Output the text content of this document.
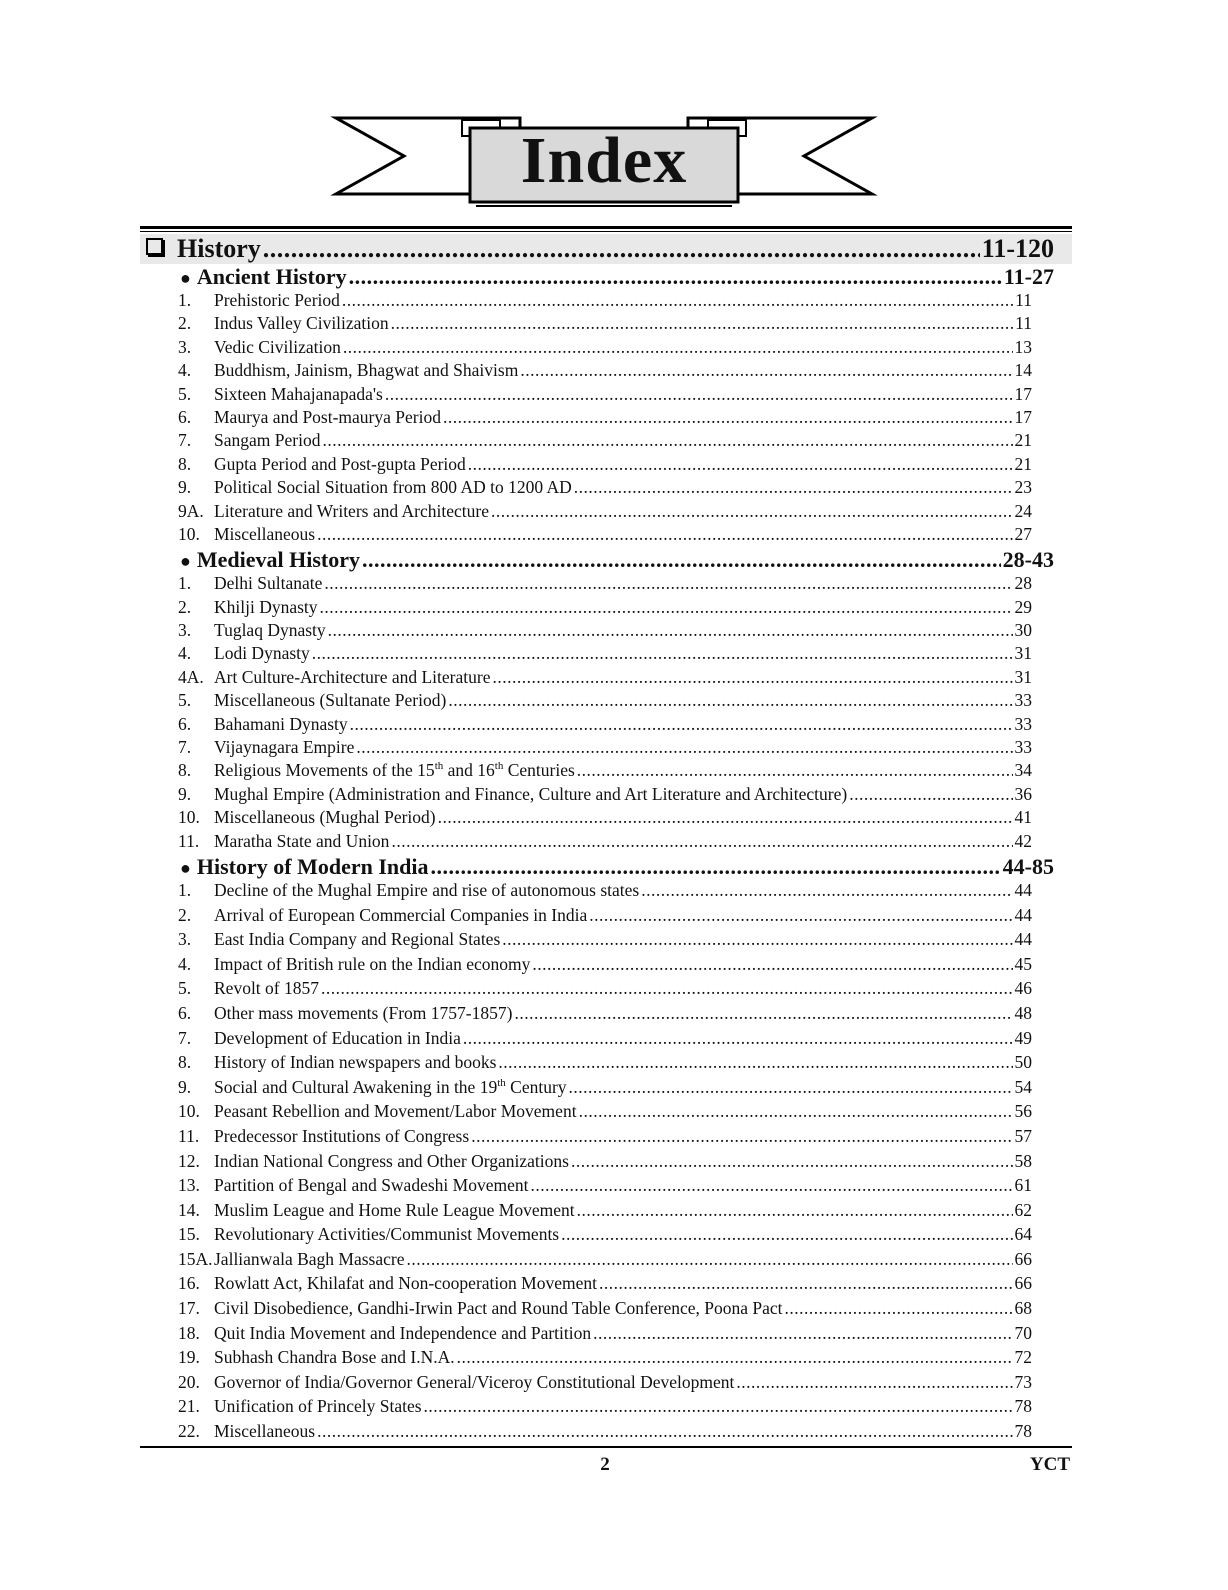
Index
History .....	11-120
● Ancient History .....	11-27
1.	Prehistoric Period .....	11
2.	Indus Valley Civilization .....	11
3.	Vedic Civilization .....	13
4.	Buddhism, Jainism, Bhagwat and Shaivism .....	14
5.	Sixteen Mahajanapada's .....	17
6.	Maurya and Post-maurya Period .....	17
7.	Sangam Period .....	21
8.	Gupta Period and Post-gupta Period .....	21
9.	Political Social Situation from 800 AD to 1200 AD .....	23
9A. Literature and Writers and Architecture .....	24
10. Miscellaneous .....	27
● Medieval History .....	28-43
1.	Delhi Sultanate .....	28
2.	Khilji Dynasty .....	29
3.	Tuglaq Dynasty .....	30
4.	Lodi Dynasty .....	31
4A. Art Culture-Architecture and Literature .....	31
5.	Miscellaneous (Sultanate Period) .....	33
6.	Bahamani Dynasty .....	33
7.	Vijaynagara Empire .....	33
8.	Religious Movements of the 15th and 16th Centuries .....	34
9.	Mughal Empire (Administration and Finance, Culture and Art Literature and Architecture) .....	36
10. Miscellaneous (Mughal Period) .....	41
11. Maratha State and Union .....	42
● History of Modern India .....	44-85
1.	Decline of the Mughal Empire and rise of autonomous states .....	44
2.	Arrival of European Commercial Companies in India .....	44
3.	East India Company and Regional States .....	44
4.	Impact of British rule on the Indian economy .....	45
5.	Revolt of 1857 .....	46
6.	Other mass movements (From 1757-1857) .....	48
7.	Development of Education in India .....	49
8.	History of Indian newspapers and books .....	50
9.	Social and Cultural Awakening in the 19th Century .....	54
10. Peasant Rebellion and Movement/Labor Movement .....	56
11. Predecessor Institutions of Congress .....	57
12. Indian National Congress and Other Organizations .....	58
13. Partition of Bengal and Swadeshi Movement .....	61
14. Muslim League and Home Rule League Movement .....	62
15. Revolutionary Activities/Communist Movements .....	64
15A. Jallianwala Bagh Massacre .....	66
16. Rowlatt Act, Khilafat and Non-cooperation Movement .....	66
17. Civil Disobedience, Gandhi-Irwin Pact and Round Table Conference, Poona Pact .....	68
18. Quit India Movement and Independence and Partition .....	70
19. Subhash Chandra Bose and I.N.A. .....	72
20. Governor of India/Governor General/Viceroy Constitutional Development .....	73
21. Unification of Princely States .....	78
22. Miscellaneous .....	78
2	YCT
